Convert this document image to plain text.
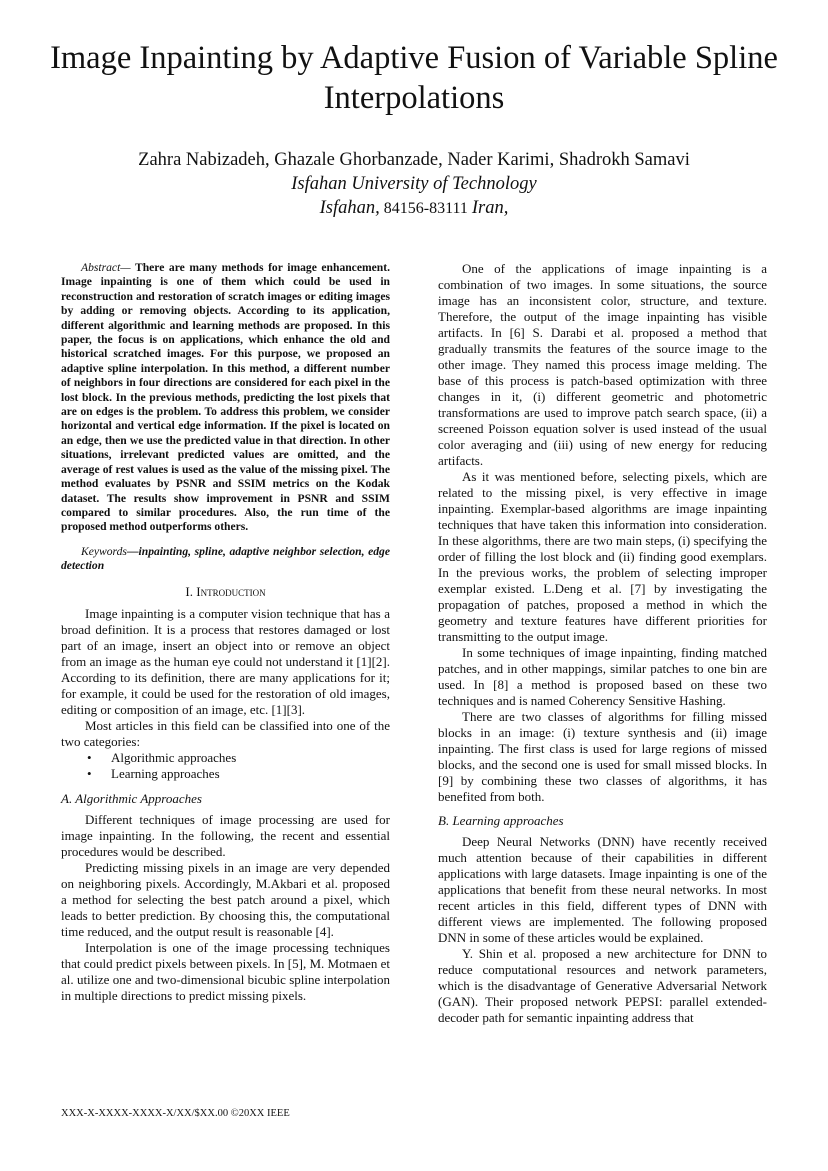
Image Inpainting by Adaptive Fusion of Variable Spline Interpolations
Zahra Nabizadeh, Ghazale Ghorbanzade, Nader Karimi, Shadrokh Samavi
Isfahan University of Technology
Isfahan, 84156-83111 Iran,

Abstract— There are many methods for image enhancement. Image inpainting is one of them which could be used in reconstruction and restoration of scratch images or editing images by adding or removing objects. According to its application, different algorithmic and learning methods are proposed. In this paper, the focus is on applications, which enhance the old and historical scratched images. For this purpose, we proposed an adaptive spline interpolation. In this method, a different number of neighbors in four directions are considered for each pixel in the lost block. In the previous methods, predicting the lost pixels that are on edges is the problem. To address this problem, we consider horizontal and vertical edge information. If the pixel is located on an edge, then we use the predicted value in that direction. In other situations, irrelevant predicted values are omitted, and the average of rest values is used as the value of the missing pixel. The method evaluates by PSNR and SSIM metrics on the Kodak dataset. The results show improvement in PSNR and SSIM compared to similar procedures. Also, the run time of the proposed method outperforms others.

Keywords—inpainting, spline, adaptive neighbor selection, edge detection

I. Introduction

Image inpainting is a computer vision technique that has a broad definition. It is a process that restores damaged or lost part of an image, insert an object into or remove an object from an image as the human eye could not understand it [1][2]. According to its definition, there are many applications for it; for example, it could be used for the restoration of old images, editing or composition of an image, etc. [1][3].

Most articles in this field can be classified into one of the two categories:

• Algorithmic approaches
• Learning approaches
A. Algorithmic Approaches

Different techniques of image processing are used for image inpainting. In the following, the recent and essential procedures would be described.

Predicting missing pixels in an image are very depended on neighboring pixels. Accordingly, M.Akbari et al. proposed a method for selecting the best patch around a pixel, which leads to better prediction. By choosing this, the computational time reduced, and the output result is reasonable [4].

Interpolation is one of the image processing techniques that could predict pixels between pixels. In [5], M. Motmaen et al. utilize one and two-dimensional bicubic spline interpolation in multiple directions to predict missing pixels.

One of the applications of image inpainting is a combination of two images. In some situations, the source image has an inconsistent color, structure, and texture. Therefore, the output of the image inpainting has visible artifacts. In [6] S. Darabi et al. proposed a method that gradually transmits the features of the source image to the other image. They named this process image melding. The base of this process is patch-based optimization with three changes in it, (i) different geometric and photometric transformations are used to improve patch search space, (ii) a screened Poisson equation solver is used instead of the usual color averaging and (iii) using of new energy for reducing artifacts.

As it was mentioned before, selecting pixels, which are related to the missing pixel, is very effective in image inpainting. Exemplar-based algorithms are image inpainting techniques that have taken this information into consideration. In these algorithms, there are two main steps, (i) specifying the order of filling the lost block and (ii) finding good exemplars. In the previous works, the problem of selecting improper exemplar existed. L.Deng et al. [7] by investigating the propagation of patches, proposed a method in which the geometry and texture features have different priorities for transmitting to the output image.

In some techniques of image inpainting, finding matched patches, and in other mappings, similar patches to one bin are used. In [8] a method is proposed based on these two techniques and is named Coherency Sensitive Hashing.

There are two classes of algorithms for filling missed blocks in an image: (i) texture synthesis and (ii) image inpainting. The first class is used for large regions of missed blocks, and the second one is used for small missed blocks. In [9] by combining these two classes of algorithms, it has benefited from both.

B. Learning approaches

Deep Neural Networks (DNN) have recently received much attention because of their capabilities in different applications with large datasets. Image inpainting is one of the applications that benefit from these neural networks. In most recent articles in this field, different types of DNN with different views are implemented. The following proposed DNN in some of these articles would be explained.

Y. Shin et al. proposed a new architecture for DNN to reduce computational resources and network parameters, which is the disadvantage of Generative Adversarial Network (GAN). Their proposed network PEPSI: parallel extended-decoder path for semantic inpainting address that

XXX-X-XXXX-XXXX-X/XX/$XX.00 ©20XX IEEE
